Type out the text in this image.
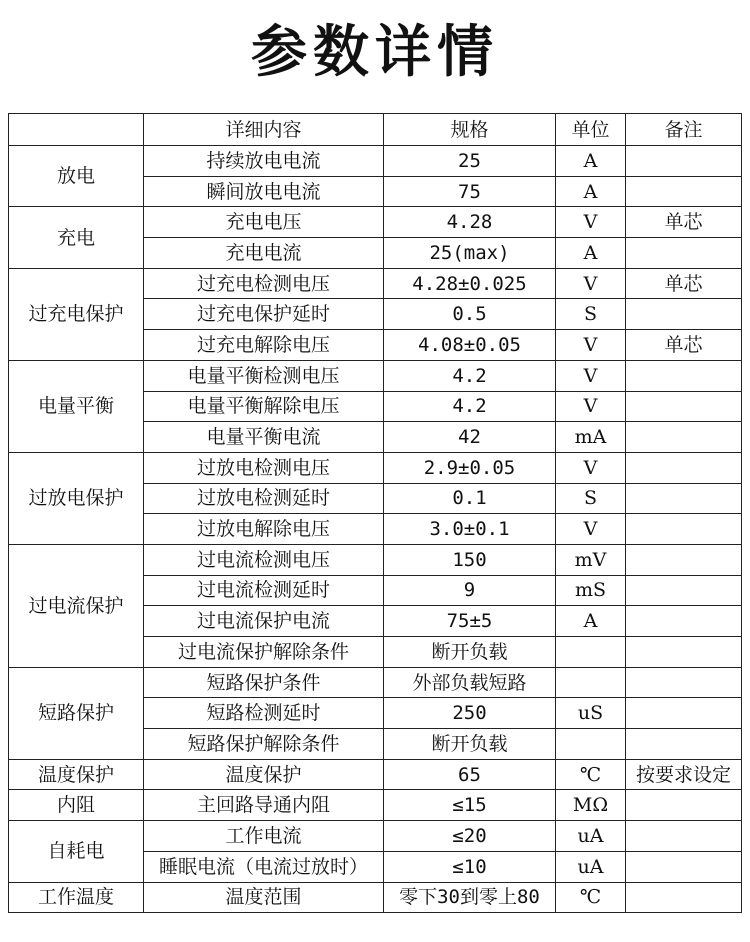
参数详情
	详细内容	规格	单位	备注
放电	持续放电电流	25	A	
	瞬间放电电流	75	A	
充电	充电电压	4.28	V	单芯
	充电电流	25(max)	A	
过充电保护	过充电检测电压	4.28±0.025	V	单芯
	过充电保护延时	0.5	S	
	过充电解除电压	4.08±0.05	V	单芯
电量平衡	电量平衡检测电压	4.2	V	
	电量平衡解除电压	4.2	V	
	电量平衡电流	42	mA	
过放电保护	过放电检测电压	2.9±0.05	V	
	过放电检测延时	0.1	S	
	过放电解除电压	3.0±0.1	V	
过电流保护	过电流检测电压	150	mV	
	过电流检测延时	9	mS	
	过电流保护电流	75±5	A	
	过电流保护解除条件	断开负载		
短路保护	短路保护条件	外部负载短路		
	短路检测延时	250	uS	
	短路保护解除条件	断开负载		
温度保护	温度保护	65	℃	按要求设定
内阻	主回路导通内阻	≤15	MΩ	
自耗电	工作电流	≤20	uA	
	睡眠电流（电流过放时）	≤10	uA	
工作温度	温度范围	零下30到零上80	℃	
